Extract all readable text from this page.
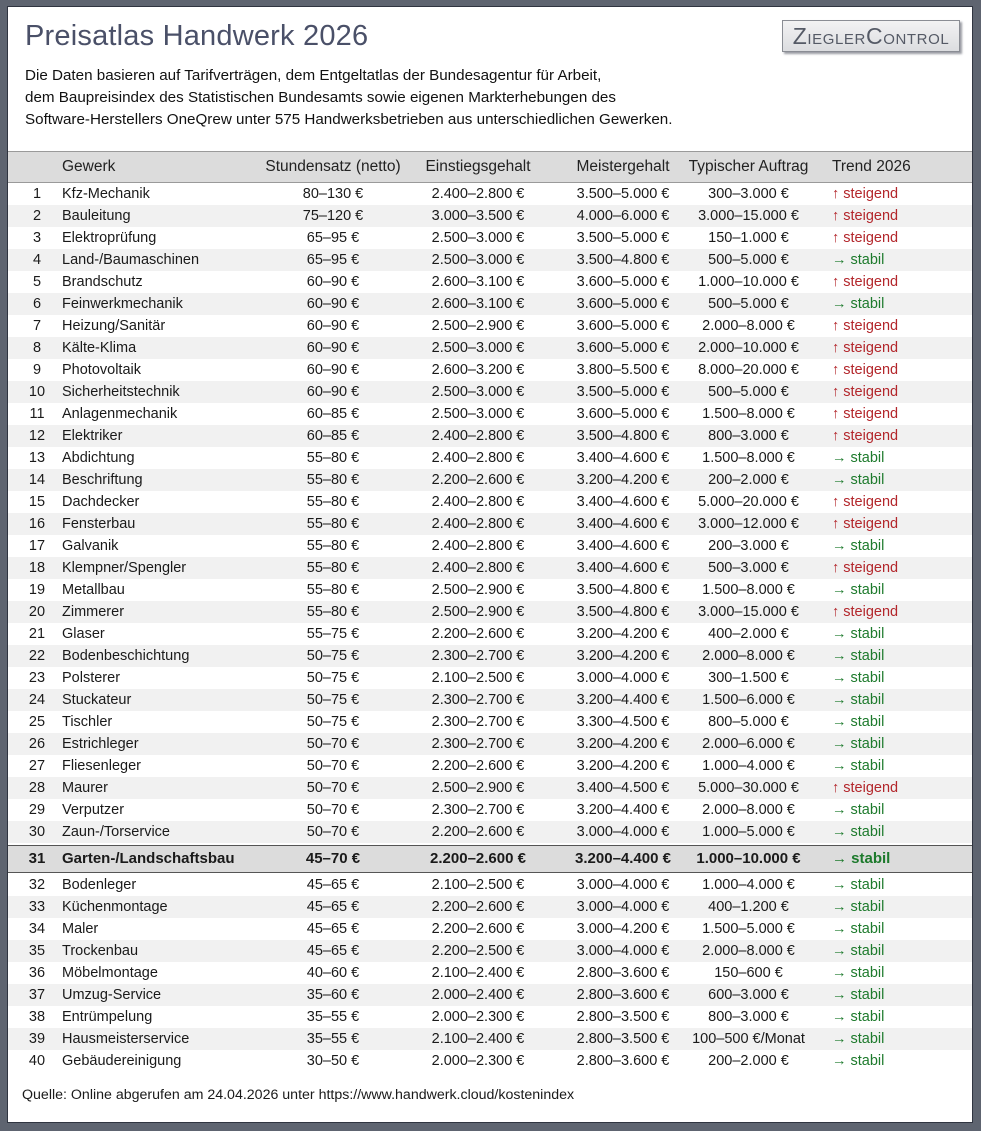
Preisatlas Handwerk 2026	ZIEGLERCONTROL
Die Daten basieren auf Tarifverträgen, dem Entgeltatlas der Bundesagentur für Arbeit,
dem Baupreisindex des Statistischen Bundesamts sowie eigenen Markterhebungen des
Software-Herstellers OneQrew unter 575 Handwerksbetrieben aus unterschiedlichen Gewerken.
Gewerk	Stundensatz (netto)	Einstiegsgehalt	Meistergehalt	Typischer Auftrag	Trend 2026
1	Kfz-Mechanik	80–130 €	2.400–2.800 €	3.500–5.000 €	300–3.000 €	↑ steigend
2	Bauleitung	75–120 €	3.000–3.500 €	4.000–6.000 €	3.000–15.000 €	↑ steigend
3	Elektroprüfung	65–95 €	2.500–3.000 €	3.500–5.000 €	150–1.000 €	↑ steigend
4	Land-/Baumaschinen	65–95 €	2.500–3.000 €	3.500–4.800 €	500–5.000 €	→ stabil
5	Brandschutz	60–90 €	2.600–3.100 €	3.600–5.000 €	1.000–10.000 €	↑ steigend
6	Feinwerkmechanik	60–90 €	2.600–3.100 €	3.600–5.000 €	500–5.000 €	→ stabil
7	Heizung/Sanitär	60–90 €	2.500–2.900 €	3.600–5.000 €	2.000–8.000 €	↑ steigend
8	Kälte-Klima	60–90 €	2.500–3.000 €	3.600–5.000 €	2.000–10.000 €	↑ steigend
9	Photovoltaik	60–90 €	2.600–3.200 €	3.800–5.500 €	8.000–20.000 €	↑ steigend
10	Sicherheitstechnik	60–90 €	2.500–3.000 €	3.500–5.000 €	500–5.000 €	↑ steigend
11	Anlagenmechanik	60–85 €	2.500–3.000 €	3.600–5.000 €	1.500–8.000 €	↑ steigend
12	Elektriker	60–85 €	2.400–2.800 €	3.500–4.800 €	800–3.000 €	↑ steigend
13	Abdichtung	55–80 €	2.400–2.800 €	3.400–4.600 €	1.500–8.000 €	→ stabil
14	Beschriftung	55–80 €	2.200–2.600 €	3.200–4.200 €	200–2.000 €	→ stabil
15	Dachdecker	55–80 €	2.400–2.800 €	3.400–4.600 €	5.000–20.000 €	↑ steigend
16	Fensterbau	55–80 €	2.400–2.800 €	3.400–4.600 €	3.000–12.000 €	↑ steigend
17	Galvanik	55–80 €	2.400–2.800 €	3.400–4.600 €	200–3.000 €	→ stabil
18	Klempner/Spengler	55–80 €	2.400–2.800 €	3.400–4.600 €	500–3.000 €	↑ steigend
19	Metallbau	55–80 €	2.500–2.900 €	3.500–4.800 €	1.500–8.000 €	→ stabil
20	Zimmerer	55–80 €	2.500–2.900 €	3.500–4.800 €	3.000–15.000 €	↑ steigend
21	Glaser	55–75 €	2.200–2.600 €	3.200–4.200 €	400–2.000 €	→ stabil
22	Bodenbeschichtung	50–75 €	2.300–2.700 €	3.200–4.200 €	2.000–8.000 €	→ stabil
23	Polsterer	50–75 €	2.100–2.500 €	3.000–4.000 €	300–1.500 €	→ stabil
24	Stuckateur	50–75 €	2.300–2.700 €	3.200–4.400 €	1.500–6.000 €	→ stabil
25	Tischler	50–75 €	2.300–2.700 €	3.300–4.500 €	800–5.000 €	→ stabil
26	Estrichleger	50–70 €	2.300–2.700 €	3.200–4.200 €	2.000–6.000 €	→ stabil
27	Fliesenleger	50–70 €	2.200–2.600 €	3.200–4.200 €	1.000–4.000 €	→ stabil
28	Maurer	50–70 €	2.500–2.900 €	3.400–4.500 €	5.000–30.000 €	↑ steigend
29	Verputzer	50–70 €	2.300–2.700 €	3.200–4.400 €	2.000–8.000 €	→ stabil
30	Zaun-/Torservice	50–70 €	2.200–2.600 €	3.000–4.000 €	1.000–5.000 €	→ stabil
31	Garten-/Landschaftsbau	45–70 €	2.200–2.600 €	3.200–4.400 €	1.000–10.000 €	→ stabil
32	Bodenleger	45–65 €	2.100–2.500 €	3.000–4.000 €	1.000–4.000 €	→ stabil
33	Küchenmontage	45–65 €	2.200–2.600 €	3.000–4.000 €	400–1.200 €	→ stabil
34	Maler	45–65 €	2.200–2.600 €	3.000–4.200 €	1.500–5.000 €	→ stabil
35	Trockenbau	45–65 €	2.200–2.500 €	3.000–4.000 €	2.000–8.000 €	→ stabil
36	Möbelmontage	40–60 €	2.100–2.400 €	2.800–3.600 €	150–600 €	→ stabil
37	Umzug-Service	35–60 €	2.000–2.400 €	2.800–3.600 €	600–3.000 €	→ stabil
38	Entrümpelung	35–55 €	2.000–2.300 €	2.800–3.500 €	800–3.000 €	→ stabil
39	Hausmeisterservice	35–55 €	2.100–2.400 €	2.800–3.500 €	100–500 €/Monat	→ stabil
40	Gebäudereinigung	30–50 €	2.000–2.300 €	2.800–3.600 €	200–2.000 €	→ stabil
Quelle: Online abgerufen am 24.04.2026 unter https://www.handwerk.cloud/kostenindex
